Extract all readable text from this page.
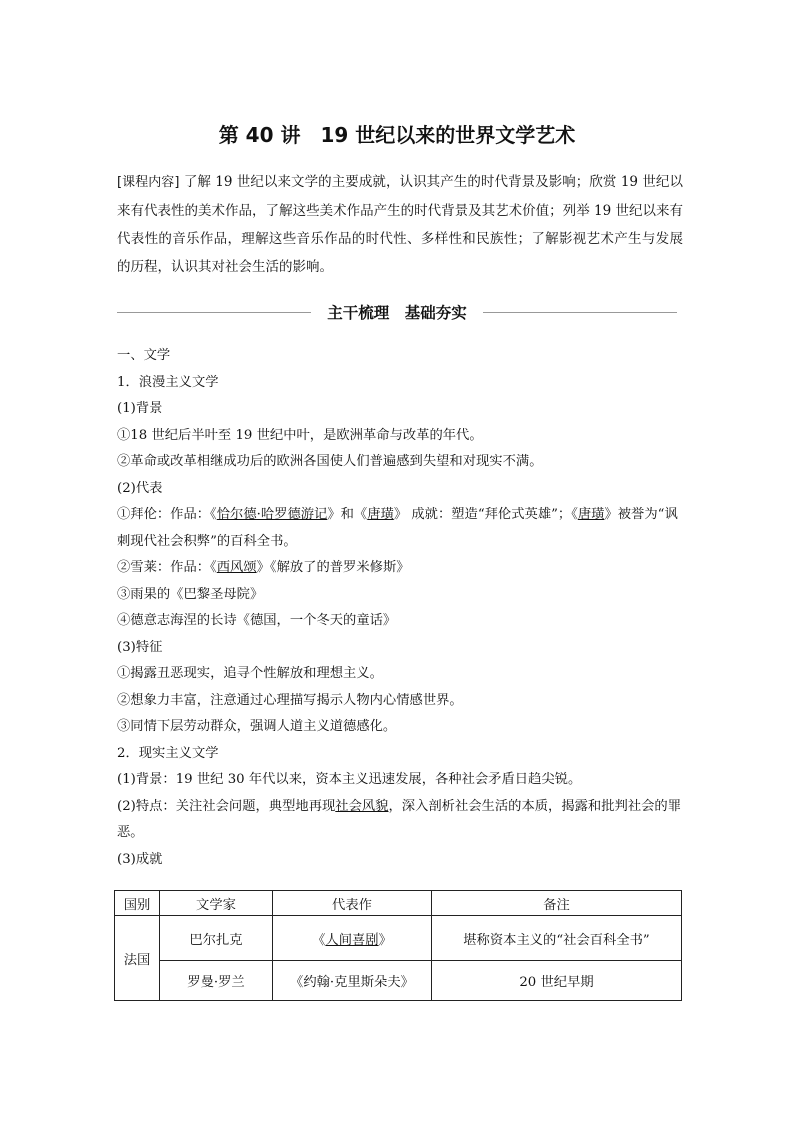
第 40 讲　19 世纪以来的世界文学艺术
[课程内容] 了解 19 世纪以来文学的主要成就，认识其产生的时代背景及影响；欣赏 19 世纪以来有代表性的美术作品，了解这些美术作品产生的时代背景及其艺术价值；列举 19 世纪以来有代表性的音乐作品，理解这些音乐作品的时代性、多样性和民族性；了解影视艺术产生与发展的历程，认识其对社会生活的影响。
主干梳理　基础夯实

一、文学

1．浪漫主义文学

(1)背景

①18 世纪后半叶至 19 世纪中叶，是欧洲革命与改革的年代。

②革命或改革相继成功后的欧洲各国使人们普遍感到失望和对现实不满。

(2)代表

①拜伦：作品：《恰尔德·哈罗德游记》和《唐璜》 成就：塑造“拜伦式英雄”；《唐璜》被誉为“讽刺现代社会积弊”的百科全书。

②雪莱：作品：《西风颂》《解放了的普罗米修斯》

③雨果的《巴黎圣母院》

④德意志海涅的长诗《德国，一个冬天的童话》

(3)特征

①揭露丑恶现实，追寻个性解放和理想主义。

②想象力丰富，注意通过心理描写揭示人物内心情感世界。

③同情下层劳动群众，强调人道主义道德感化。

2．现实主义文学

(1)背景：19 世纪 30 年代以来，资本主义迅速发展，各种社会矛盾日趋尖锐。

(2)特点：关注社会问题，典型地再现社会风貌，深入剖析社会生活的本质，揭露和批判社会的罪恶。

(3)成就

国别	文学家	代表作	备注
法国	巴尔扎克	《人间喜剧》	堪称资本主义的“社会百科全书”
	罗曼·罗兰	《约翰·克里斯朵夫》	20 世纪早期
